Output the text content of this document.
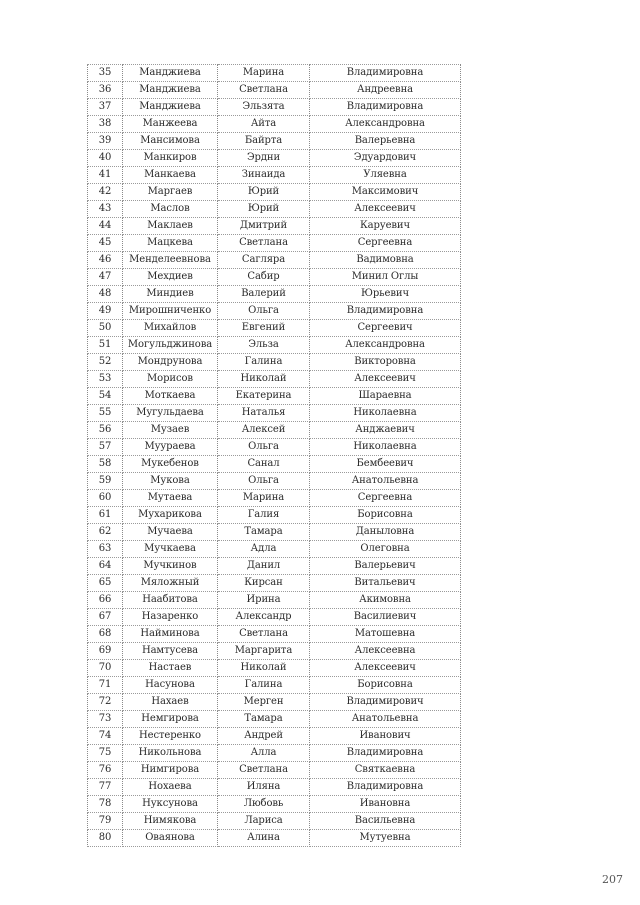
35	Манджиева	Марина	Владимировна
36	Манджиева	Светлана	Андреевна
37	Манджиева	Эльзята	Владимировна
38	Манжеева	Айта	Александровна
39	Мансимова	Байрта	Валерьевна
40	Манкиров	Эрдни	Эдуардович
41	Манкаева	Зинаида	Уляевна
42	Маргаев	Юрий	Максимович
43	Маслов	Юрий	Алексеевич
44	Маклаев	Дмитрий	Каруевич
45	Мацкева	Светлана	Сергеевна
46	Менделеевнова	Сагляра	Вадимовна
47	Мехдиев	Сабир	Минил Оглы
48	Миндиев	Валерий	Юрьевич
49	Мирошниченко	Ольга	Владимировна
50	Михайлов	Евгений	Сергеевич
51	Могульджинова	Эльза	Александровна
52	Мондрунова	Галина	Викторовна
53	Морисов	Николай	Алексеевич
54	Моткаева	Екатерина	Шараевна
55	Мугульдаева	Наталья	Николаевна
56	Музаев	Алексей	Анджаевич
57	Муураева	Ольга	Николаевна
58	Мукебенов	Санал	Бембеевич
59	Мукова	Ольга	Анатольевна
60	Мутаева	Марина	Сергеевна
61	Мухарикова	Галия	Борисовна
62	Мучаева	Тамара	Даныловна
63	Мучкаева	Адла	Олеговна
64	Мучкинов	Данил	Валерьевич
65	Мяложный	Кирсан	Витальевич
66	Наабитова	Ирина	Акимовна
67	Назаренко	Александр	Василиевич
68	Найминова	Светлана	Матошевна
69	Намтусева	Маргарита	Алексеевна
70	Настаев	Николай	Алексеевич
71	Насунова	Галина	Борисовна
72	Нахаев	Мерген	Владимирович
73	Немгирова	Тамара	Анатольевна
74	Нестеренко	Андрей	Иванович
75	Никольнова	Алла	Владимировна
76	Нимгирова	Светлана	Святкаевна
77	Нохаева	Иляна	Владимировна
78	Нуксунова	Любовь	Ивановна
79	Нимякова	Лариса	Васильевна
80	Оваянова	Алина	Мутуевна
207
